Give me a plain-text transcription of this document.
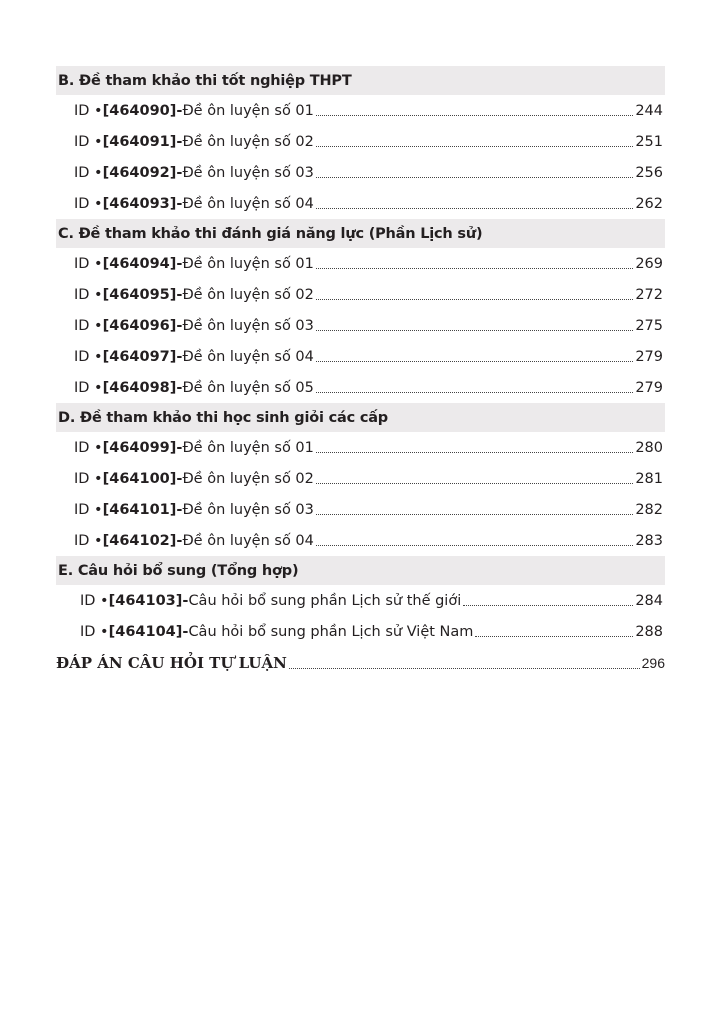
B. Đề tham khảo thi tốt nghiệp THPT
ID • [464090] - Đề ôn luyện số 01	244
ID • [464091] - Đề ôn luyện số 02	251
ID • [464092] - Đề ôn luyện số 03	256
ID • [464093] - Đề ôn luyện số 04	262
C. Đề tham khảo thi đánh giá năng lực (Phần Lịch sử)
ID • [464094] - Đề ôn luyện số 01	269
ID • [464095] - Đề ôn luyện số 02	272
ID • [464096] - Đề ôn luyện số 03	275
ID • [464097] - Đề ôn luyện số 04	279
ID • [464098] - Đề ôn luyện số 05	279
D. Đề tham khảo thi học sinh giỏi các cấp
ID • [464099] - Đề ôn luyện số 01	280
ID • [464100] - Đề ôn luyện số 02	281
ID • [464101] - Đề ôn luyện số 03	282
ID • [464102] - Đề ôn luyện số 04	283
E. Câu hỏi bổ sung (Tổng hợp)
ID • [464103] - Câu hỏi bổ sung phần Lịch sử thế giới	284
ID • [464104] - Câu hỏi bổ sung phần Lịch sử Việt Nam	288
ĐÁP ÁN CÂU HỎI TỰ LUẬN	296
